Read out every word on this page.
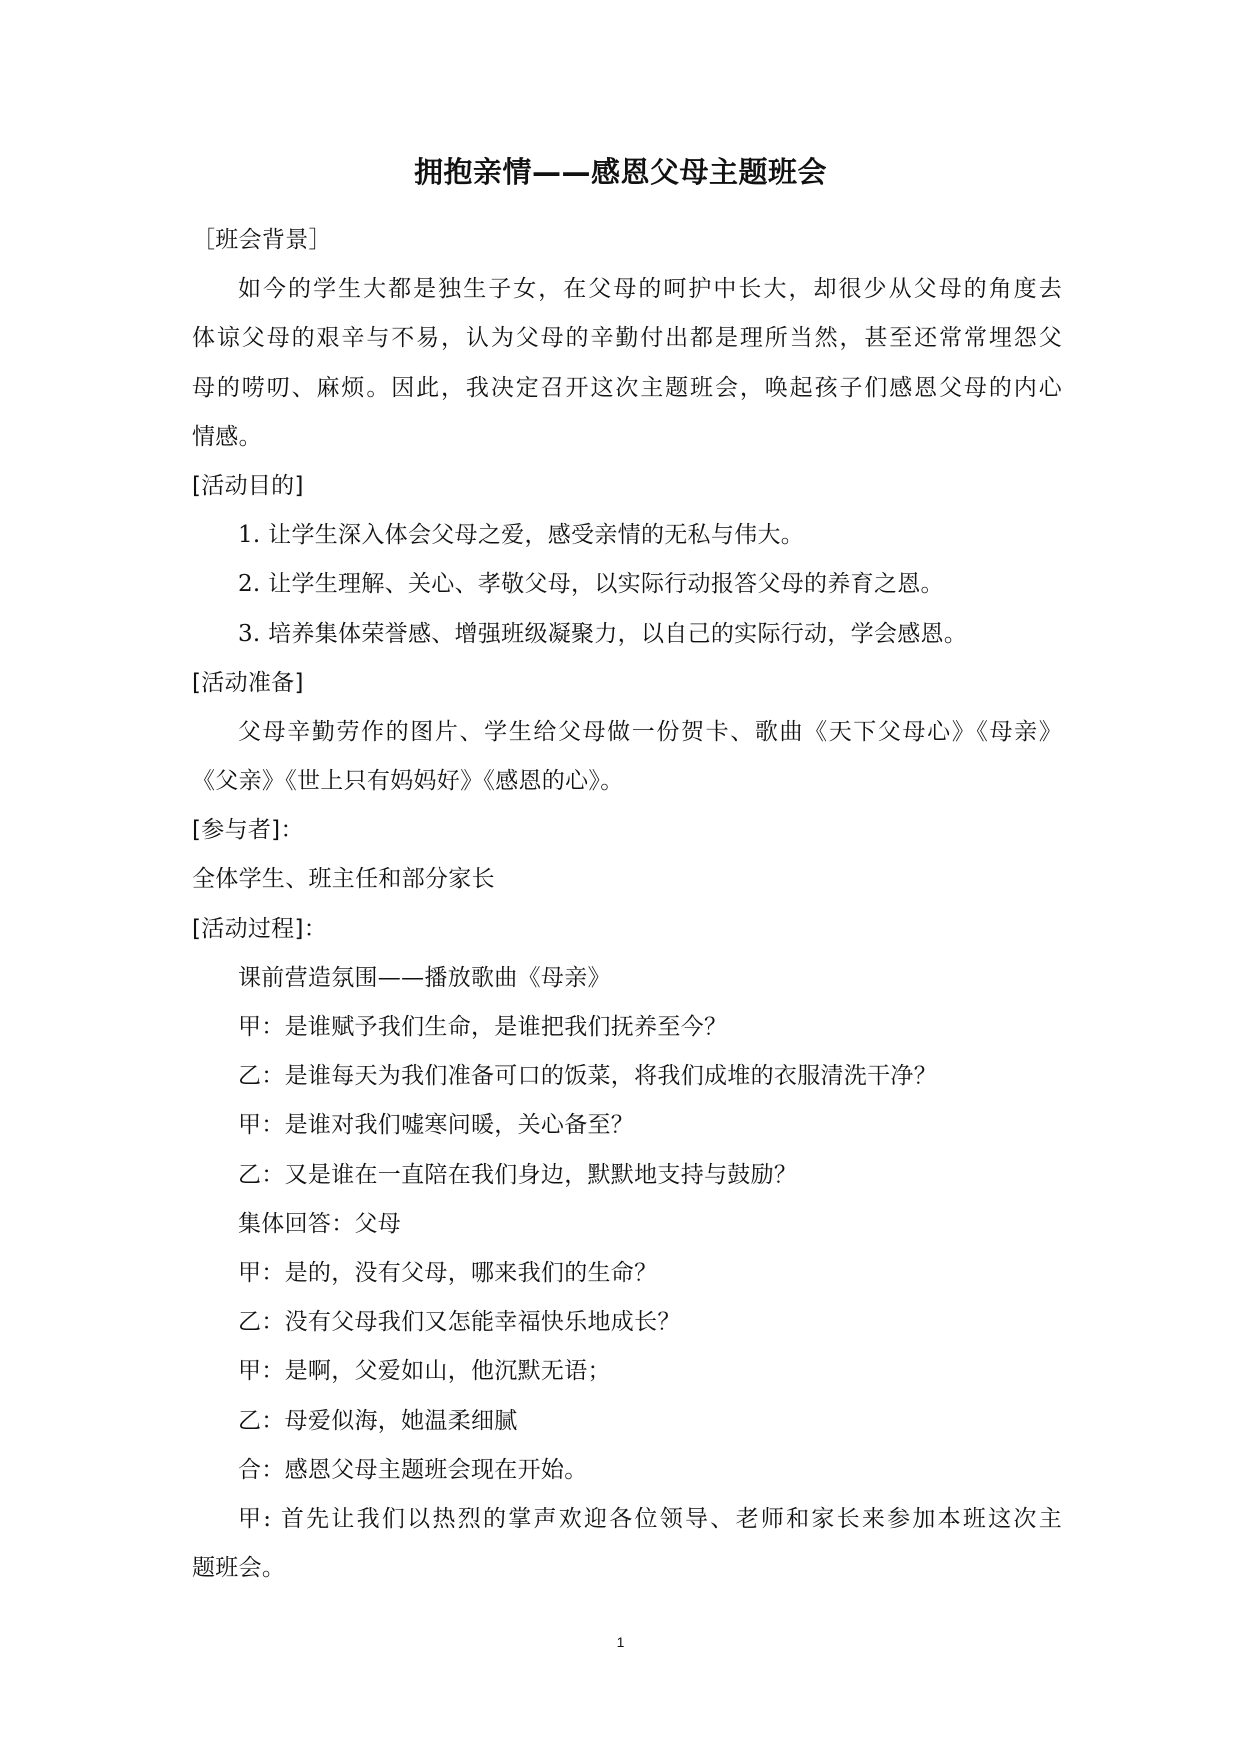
拥抱亲情——感恩父母主题班会
［班会背景］
如今的学生大都是独生子女，在父母的呵护中长大，却很少从父母的角度去
体谅父母的艰辛与不易，认为父母的辛勤付出都是理所当然，甚至还常常埋怨父
母的唠叨、麻烦。因此，我决定召开这次主题班会，唤起孩子们感恩父母的内心
情感。
[活动目的]
1. 让学生深入体会父母之爱，感受亲情的无私与伟大。
2. 让学生理解、关心、孝敬父母，以实际行动报答父母的养育之恩。
3. 培养集体荣誉感、增强班级凝聚力，以自己的实际行动，学会感恩。
[活动准备]
父母辛勤劳作的图片、学生给父母做一份贺卡、歌曲《天下父母心》《母亲》
《父亲》《世上只有妈妈好》《感恩的心》。
[参与者]：
全体学生、班主任和部分家长
[活动过程]：
课前营造氛围——播放歌曲《母亲》
甲：是谁赋予我们生命，是谁把我们抚养至今？
乙：是谁每天为我们准备可口的饭菜，将我们成堆的衣服清洗干净？
甲：是谁对我们嘘寒问暖，关心备至？
乙：又是谁在一直陪在我们身边，默默地支持与鼓励？
集体回答：父母
甲：是的，没有父母，哪来我们的生命？
乙：没有父母我们又怎能幸福快乐地成长？
甲：是啊，父爱如山，他沉默无语；
乙：母爱似海，她温柔细腻
合：感恩父母主题班会现在开始。
甲: 首先让我们以热烈的掌声欢迎各位领导、老师和家长来参加本班这次主
题班会。
1
